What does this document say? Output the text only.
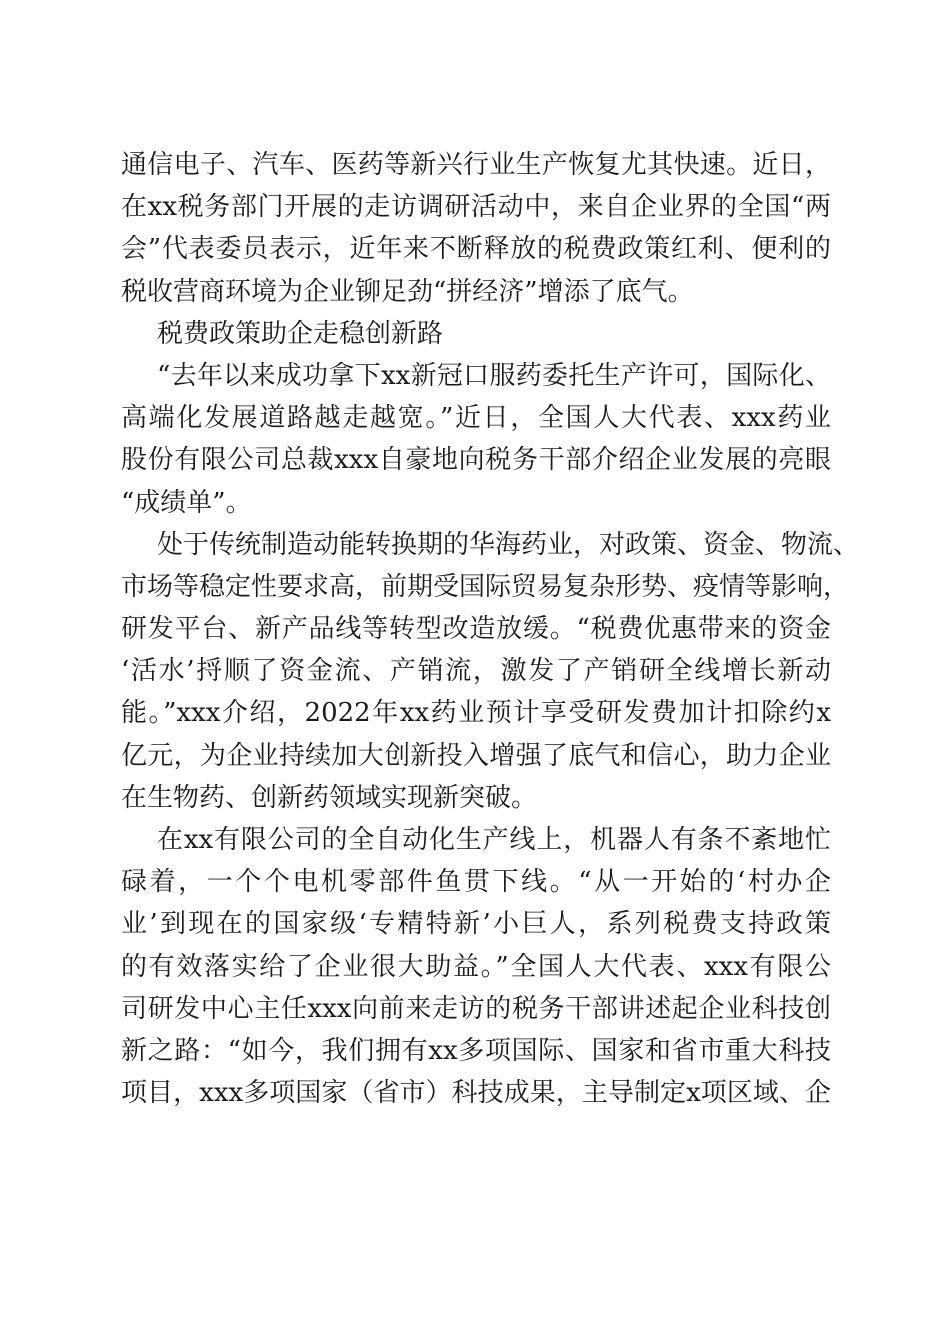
通信电子、汽车、医药等新兴行业生产恢复尤其快速。近日，
在xx税务部门开展的走访调研活动中，来自企业界的全国“两
会”代表委员表示，近年来不断释放的税费政策红利、便利的
税收营商环境为企业铆足劲“拼经济”增添了底气。
税费政策助企走稳创新路
“去年以来成功拿下xx新冠口服药委托生产许可，国际化、
高端化发展道路越走越宽。”近日，全国人大代表、xxx药业
股份有限公司总裁xxx自豪地向税务干部介绍企业发展的亮眼
“成绩单”。
处于传统制造动能转换期的华海药业，对政策、资金、物流、
市场等稳定性要求高，前期受国际贸易复杂形势、疫情等影响，
研发平台、新产品线等转型改造放缓。“税费优惠带来的资金
‘活水’捋顺了资金流、产销流，激发了产销研全线增长新动
能。”xxx介绍，2022年xx药业预计享受研发费加计扣除约x
亿元，为企业持续加大创新投入增强了底气和信心，助力企业
在生物药、创新药领域实现新突破。
在xx有限公司的全自动化生产线上，机器人有条不紊地忙
碌着，一个个电机零部件鱼贯下线。“从一开始的‘村办企
业’到现在的国家级‘专精特新’小巨人，系列税费支持政策
的有效落实给了企业很大助益。”全国人大代表、xxx有限公
司研发中心主任xxx向前来走访的税务干部讲述起企业科技创
新之路：“如今，我们拥有xx多项国际、国家和省市重大科技
项目，xxx多项国家（省市）科技成果，主导制定x项区域、企
